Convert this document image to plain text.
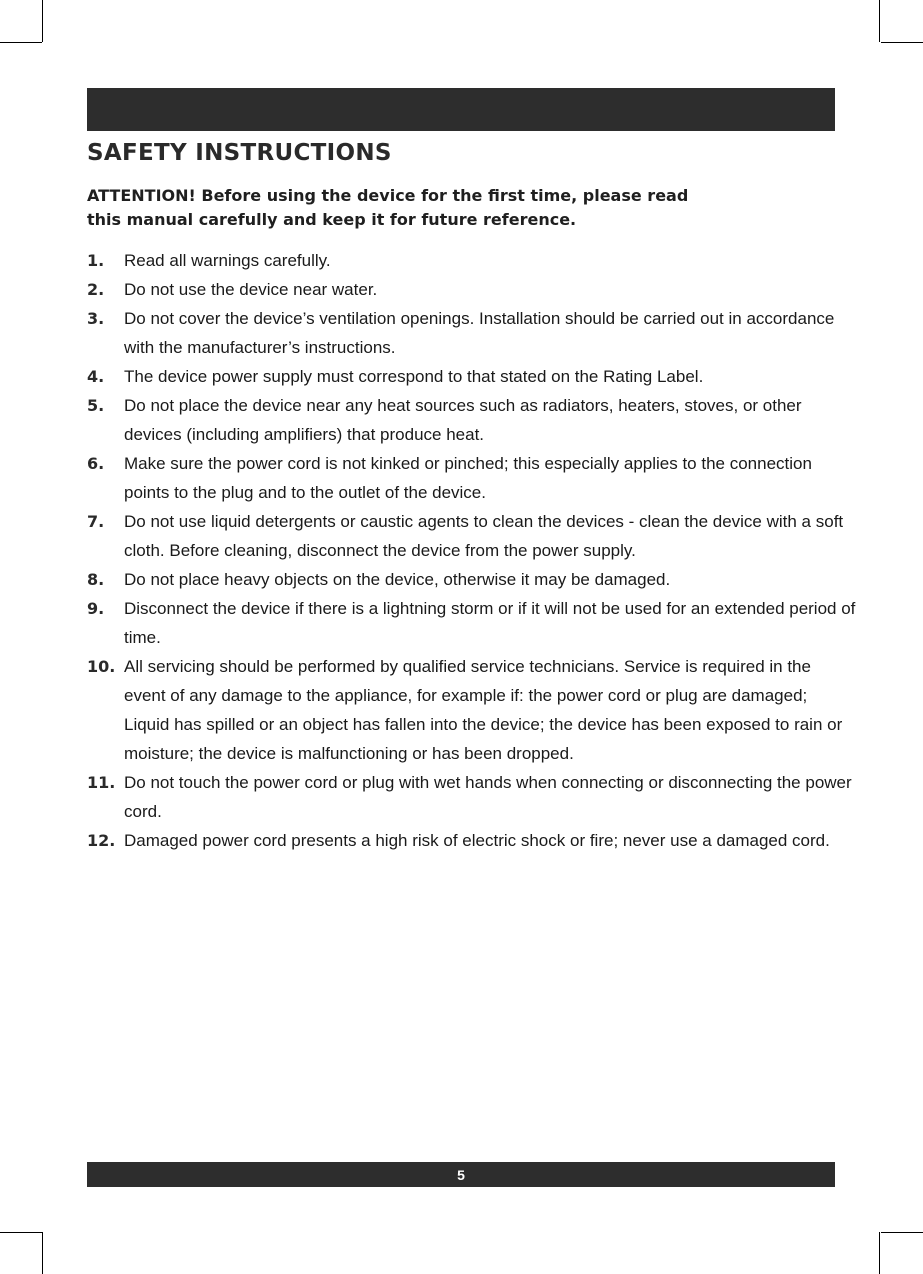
SAFETY INSTRUCTIONS

ATTENTION! Before using the device for the first time, please read
this manual carefully and keep it for future reference.

1. Read all warnings carefully.
2. Do not use the device near water.
3. Do not cover the device’s ventilation openings. Installation should be carried out in accordance with the manufacturer’s instructions.
4. The device power supply must correspond to that stated on the Rating Label.
5. Do not place the device near any heat sources such as radiators, heaters, stoves, or other devices (including amplifiers) that produce heat.
6. Make sure the power cord is not kinked or pinched; this especially applies to the connection points to the plug and to the outlet of the device.
7. Do not use liquid detergents or caustic agents to clean the devices - clean the device with a soft cloth. Before cleaning, disconnect the device from the power supply.
8. Do not place heavy objects on the device, otherwise it may be damaged.
9. Disconnect the device if there is a lightning storm or if it will not be used for an extended period of time.
10. All servicing should be performed by qualified service technicians. Service is required in the event of any damage to the appliance, for example if: the power cord or plug are damaged; Liquid has spilled or an object has fallen into the device; the device has been exposed to rain or moisture; the device is malfunctioning or has been dropped.
11. Do not touch the power cord or plug with wet hands when connecting or disconnecting the power cord.
12. Damaged power cord presents a high risk of electric shock or fire; never use a damaged cord.
5
